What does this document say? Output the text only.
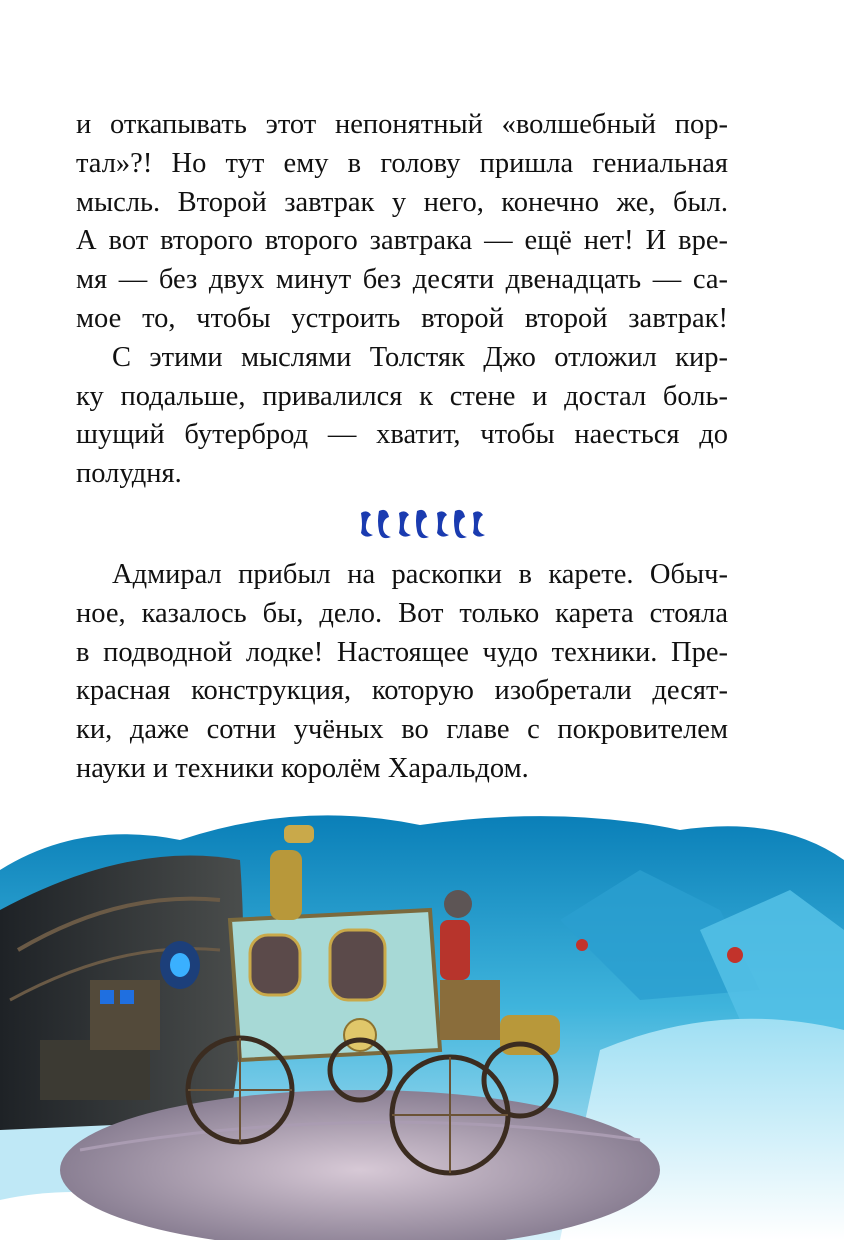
и откапывать этот непонятный «волшебный пор-
тал»?! Но тут ему в голову пришла гениальная
мысль. Второй завтрак у него, конечно же, был.
А вот второго второго завтрака — ещё нет! И вре-
мя — без двух минут без десяти двенадцать — са-
мое то, чтобы устроить второй второй завтрак!

С этими мыслями Толстяк Джо отложил кир-
ку подальше, привалился к стене и достал боль-
шущий бутерброд — хватит, чтобы наесться до
полудня.

Адмирал прибыл на раскопки в карете. Обыч-
ное, казалось бы, дело. Вот только карета стояла
в подводной лодке! Настоящее чудо техники. Пре-
красная конструкция, которую изобретали десят-
ки, даже сотни учёных во главе с покровителем
науки и техники королём Харальдом.
